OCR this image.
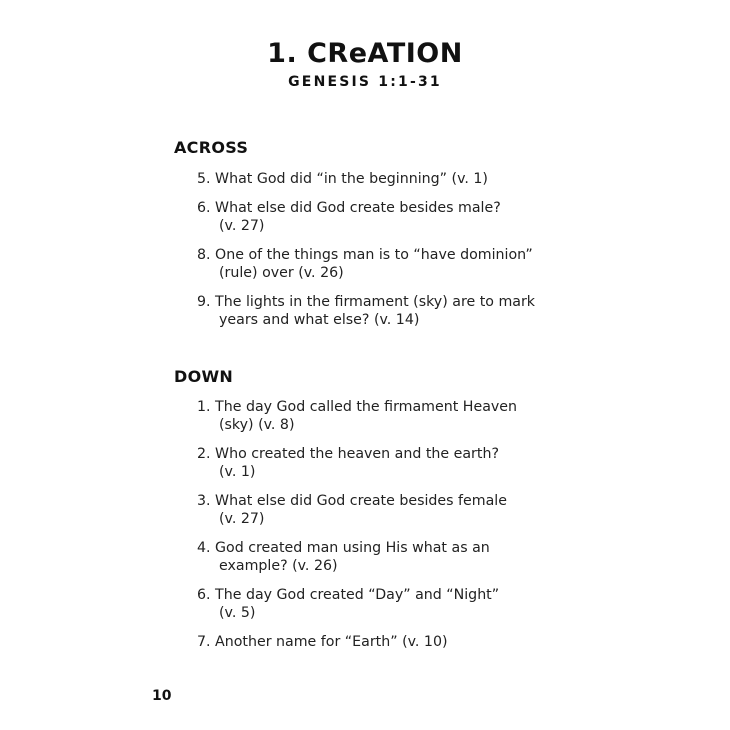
1. CReATION
GENESIS 1:1-31
ACROSS
5. What God did “in the beginning” (v. 1)
6. What else did God create besides male?
(v. 27)
8. One of the things man is to “have dominion”
(rule) over (v. 26)
9. The lights in the firmament (sky) are to mark
years and what else? (v. 14)
DOWN
1. The day God called the firmament Heaven
(sky) (v. 8)
2. Who created the heaven and the earth?
(v. 1)
3. What else did God create besides female
(v. 27)
4. God created man using His what as an
example? (v. 26)
6. The day God created “Day” and “Night”
(v. 5)
7. Another name for “Earth” (v. 10)
10
